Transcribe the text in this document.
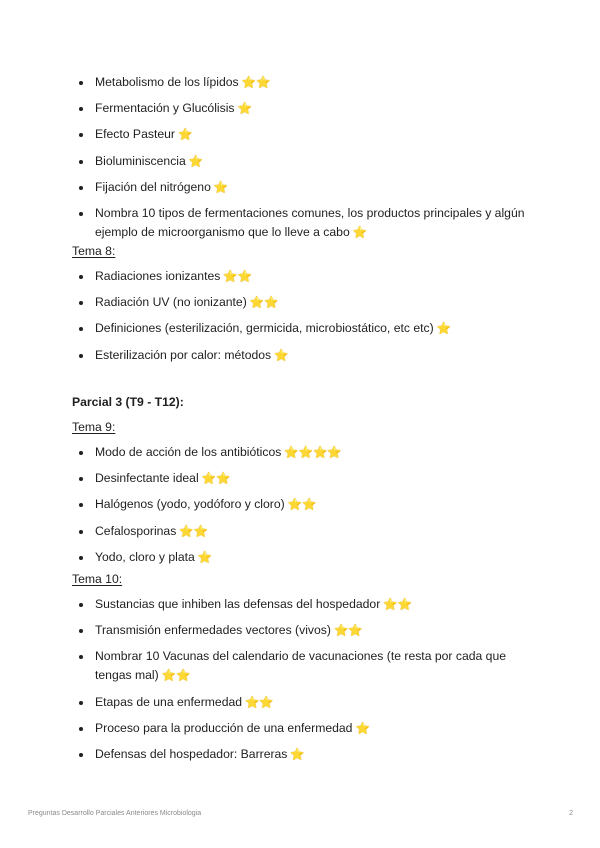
Metabolismo de los lípidos ⭐⭐
Fermentación y Glucólisis ⭐
Efecto Pasteur ⭐
Bioluminiscencia ⭐
Fijación del nitrógeno ⭐
Nombra 10 tipos de fermentaciones comunes, los productos principales y algún ejemplo de microorganismo que lo lleve a cabo ⭐
Tema 8:
Radiaciones ionizantes ⭐⭐
Radiación UV (no ionizante) ⭐⭐
Definiciones (esterilización, germicida, microbiostático, etc etc) ⭐
Esterilización por calor: métodos ⭐
Parcial 3 (T9 - T12):
Tema 9:
Modo de acción de los antibióticos ⭐⭐⭐⭐
Desinfectante ideal ⭐⭐
Halógenos (yodo, yodóforo y cloro) ⭐⭐
Cefalosporinas ⭐⭐
Yodo, cloro y plata ⭐
Tema 10:
Sustancias que inhiben las defensas del hospedador ⭐⭐
Transmisión enfermedades vectores (vivos) ⭐⭐
Nombrar 10 Vacunas del calendario de vacunaciones (te resta por cada que tengas mal) ⭐⭐
Etapas de una enfermedad ⭐⭐
Proceso para la producción de una enfermedad ⭐
Defensas del hospedador: Barreras ⭐
Preguntas Desarrollo Parciales Anteriores Microbiologia	2
